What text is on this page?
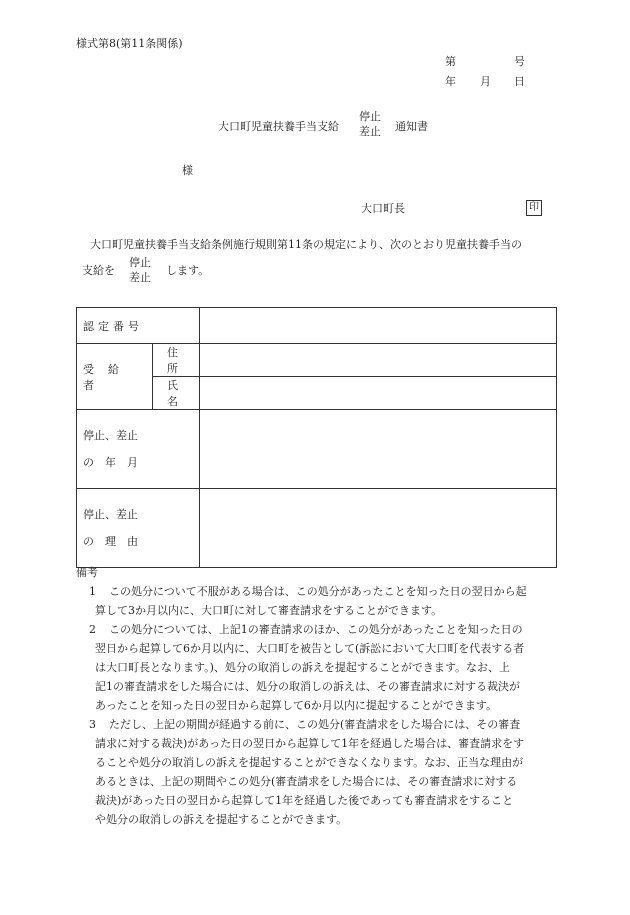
様式第8(第11条関係)
第	号
年 月 日
大口町児童扶養手当支給
停止
差止 通知書
様
大口町長	印
大口町児童扶養手当支給条例施行規則第11条の規定により、次のとおり児童扶養手当の
支給を
停止
差止
します。
認定番号		
受給者	住　所	
	氏　名	

停止、差止
の　年　月		

停止、差止
の　理　由		

備考
1	この処分について不服がある場合は、この処分があったことを知った日の翌日から起
算して3か月以内に、大口町に対して審査請求をすることができます。
2	この処分については、上記1の審査請求のほか、この処分があったことを知った日の
翌日から起算して6か月以内に、大口町を被告として(訴訟において大口町を代表する者
は大口町長となります。)、処分の取消しの訴えを提起することができます。なお、上
記1の審査請求をした場合には、処分の取消しの訴えは、その審査請求に対する裁決が
あったことを知った日の翌日から起算して6か月以内に提起することができます。
3	ただし、上記の期間が経過する前に、この処分(審査請求をした場合には、その審査
請求に対する裁決)があった日の翌日から起算して1年を経過した場合は、審査請求をす
ることや処分の取消しの訴えを提起することができなくなります。なお、正当な理由が
あるときは、上記の期間やこの処分(審査請求をした場合には、その審査請求に対する
裁決)があった日の翌日から起算して1年を経過した後であっても審査請求をすること
や処分の取消しの訴えを提起することができます。
